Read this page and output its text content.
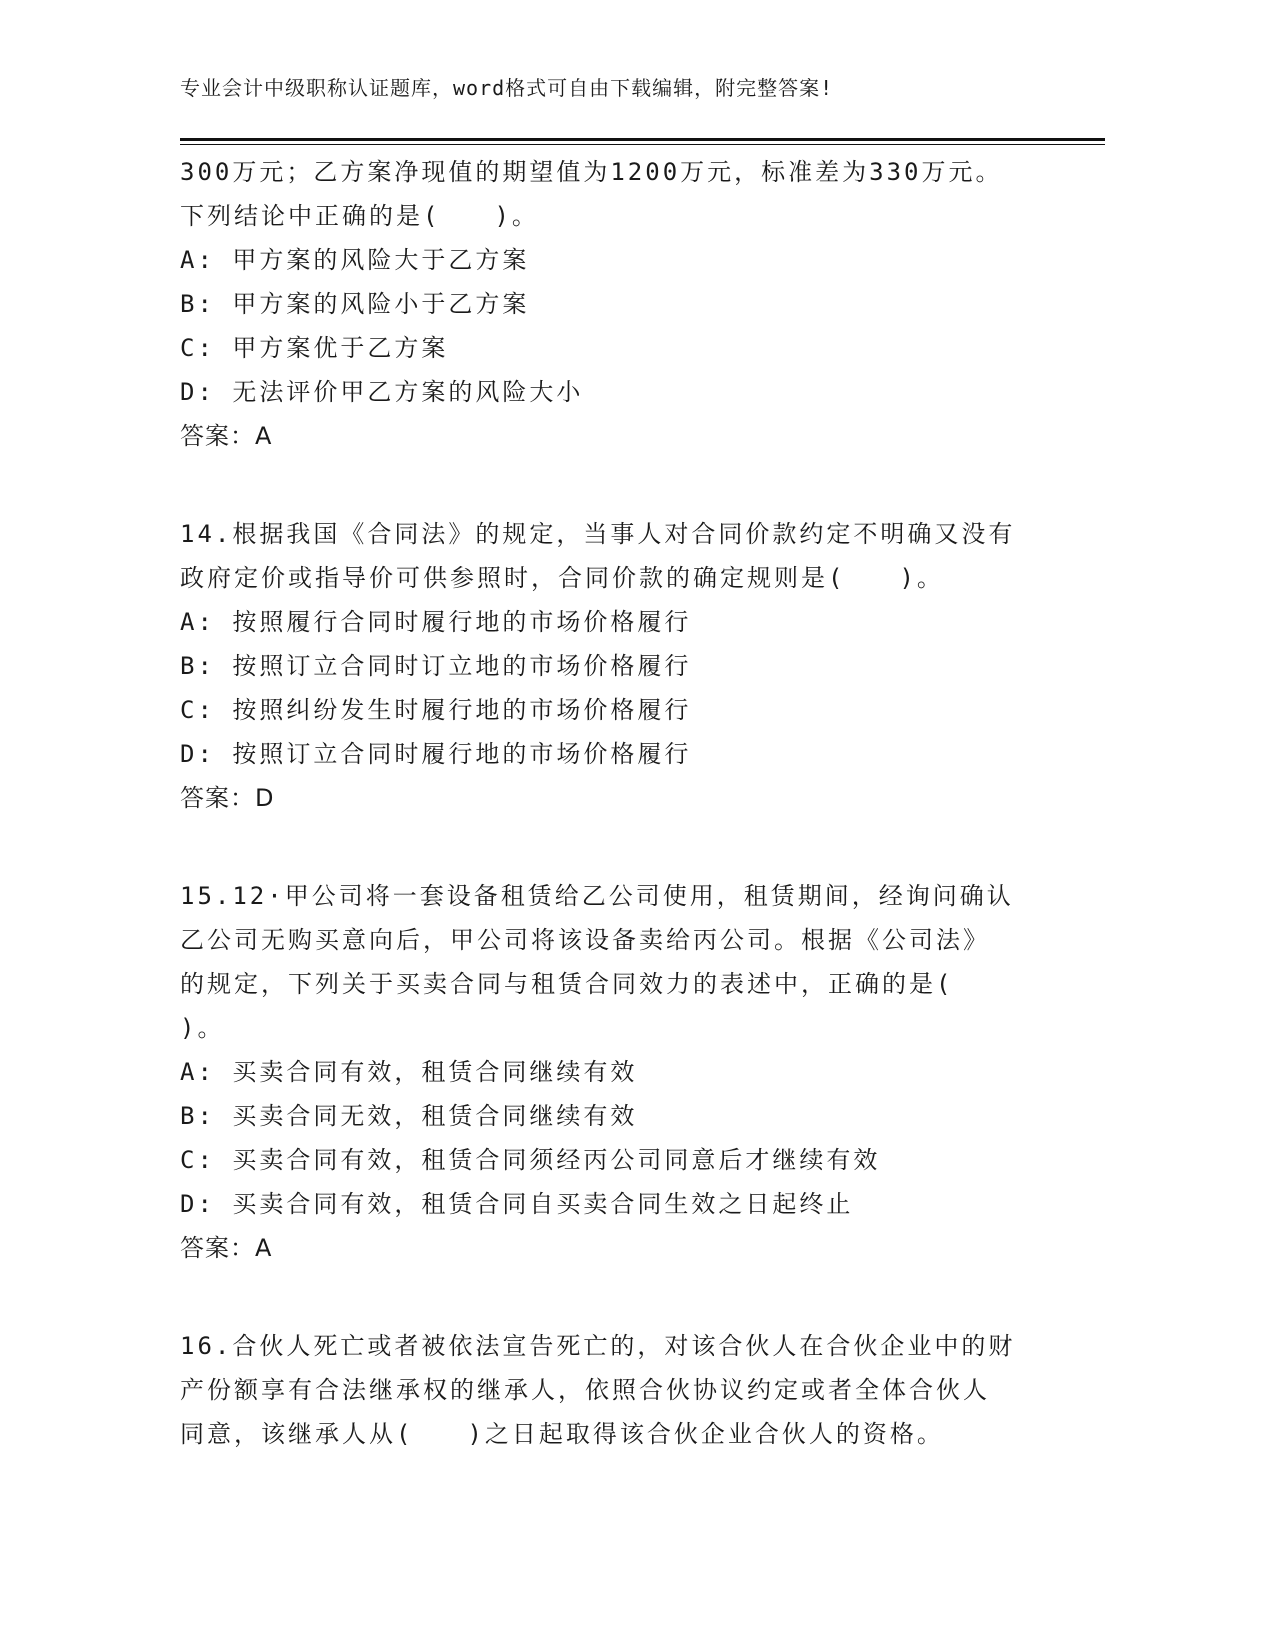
专业会计中级职称认证题库，word格式可自由下载编辑，附完整答案!
300万元；乙方案净现值的期望值为1200万元，标准差为330万元。
下列结论中正确的是(　　)。
A: 甲方案的风险大于乙方案
B: 甲方案的风险小于乙方案
C: 甲方案优于乙方案
D: 无法评价甲乙方案的风险大小
答案：A
14.根据我国《合同法》的规定，当事人对合同价款约定不明确又没有
政府定价或指导价可供参照时，合同价款的确定规则是(　　)。
A: 按照履行合同时履行地的市场价格履行
B: 按照订立合同时订立地的市场价格履行
C: 按照纠纷发生时履行地的市场价格履行
D: 按照订立合同时履行地的市场价格履行
答案：D
15.12·甲公司将一套设备租赁给乙公司使用，租赁期间，经询问确认
乙公司无购买意向后，甲公司将该设备卖给丙公司。根据《公司法》
的规定，下列关于买卖合同与租赁合同效力的表述中，正确的是(
)。
A: 买卖合同有效，租赁合同继续有效
B: 买卖合同无效，租赁合同继续有效
C: 买卖合同有效，租赁合同须经丙公司同意后才继续有效
D: 买卖合同有效，租赁合同自买卖合同生效之日起终止
答案：A
16.合伙人死亡或者被依法宣告死亡的，对该合伙人在合伙企业中的财
产份额享有合法继承权的继承人，依照合伙协议约定或者全体合伙人
同意，该继承人从(　　)之日起取得该合伙企业合伙人的资格。
